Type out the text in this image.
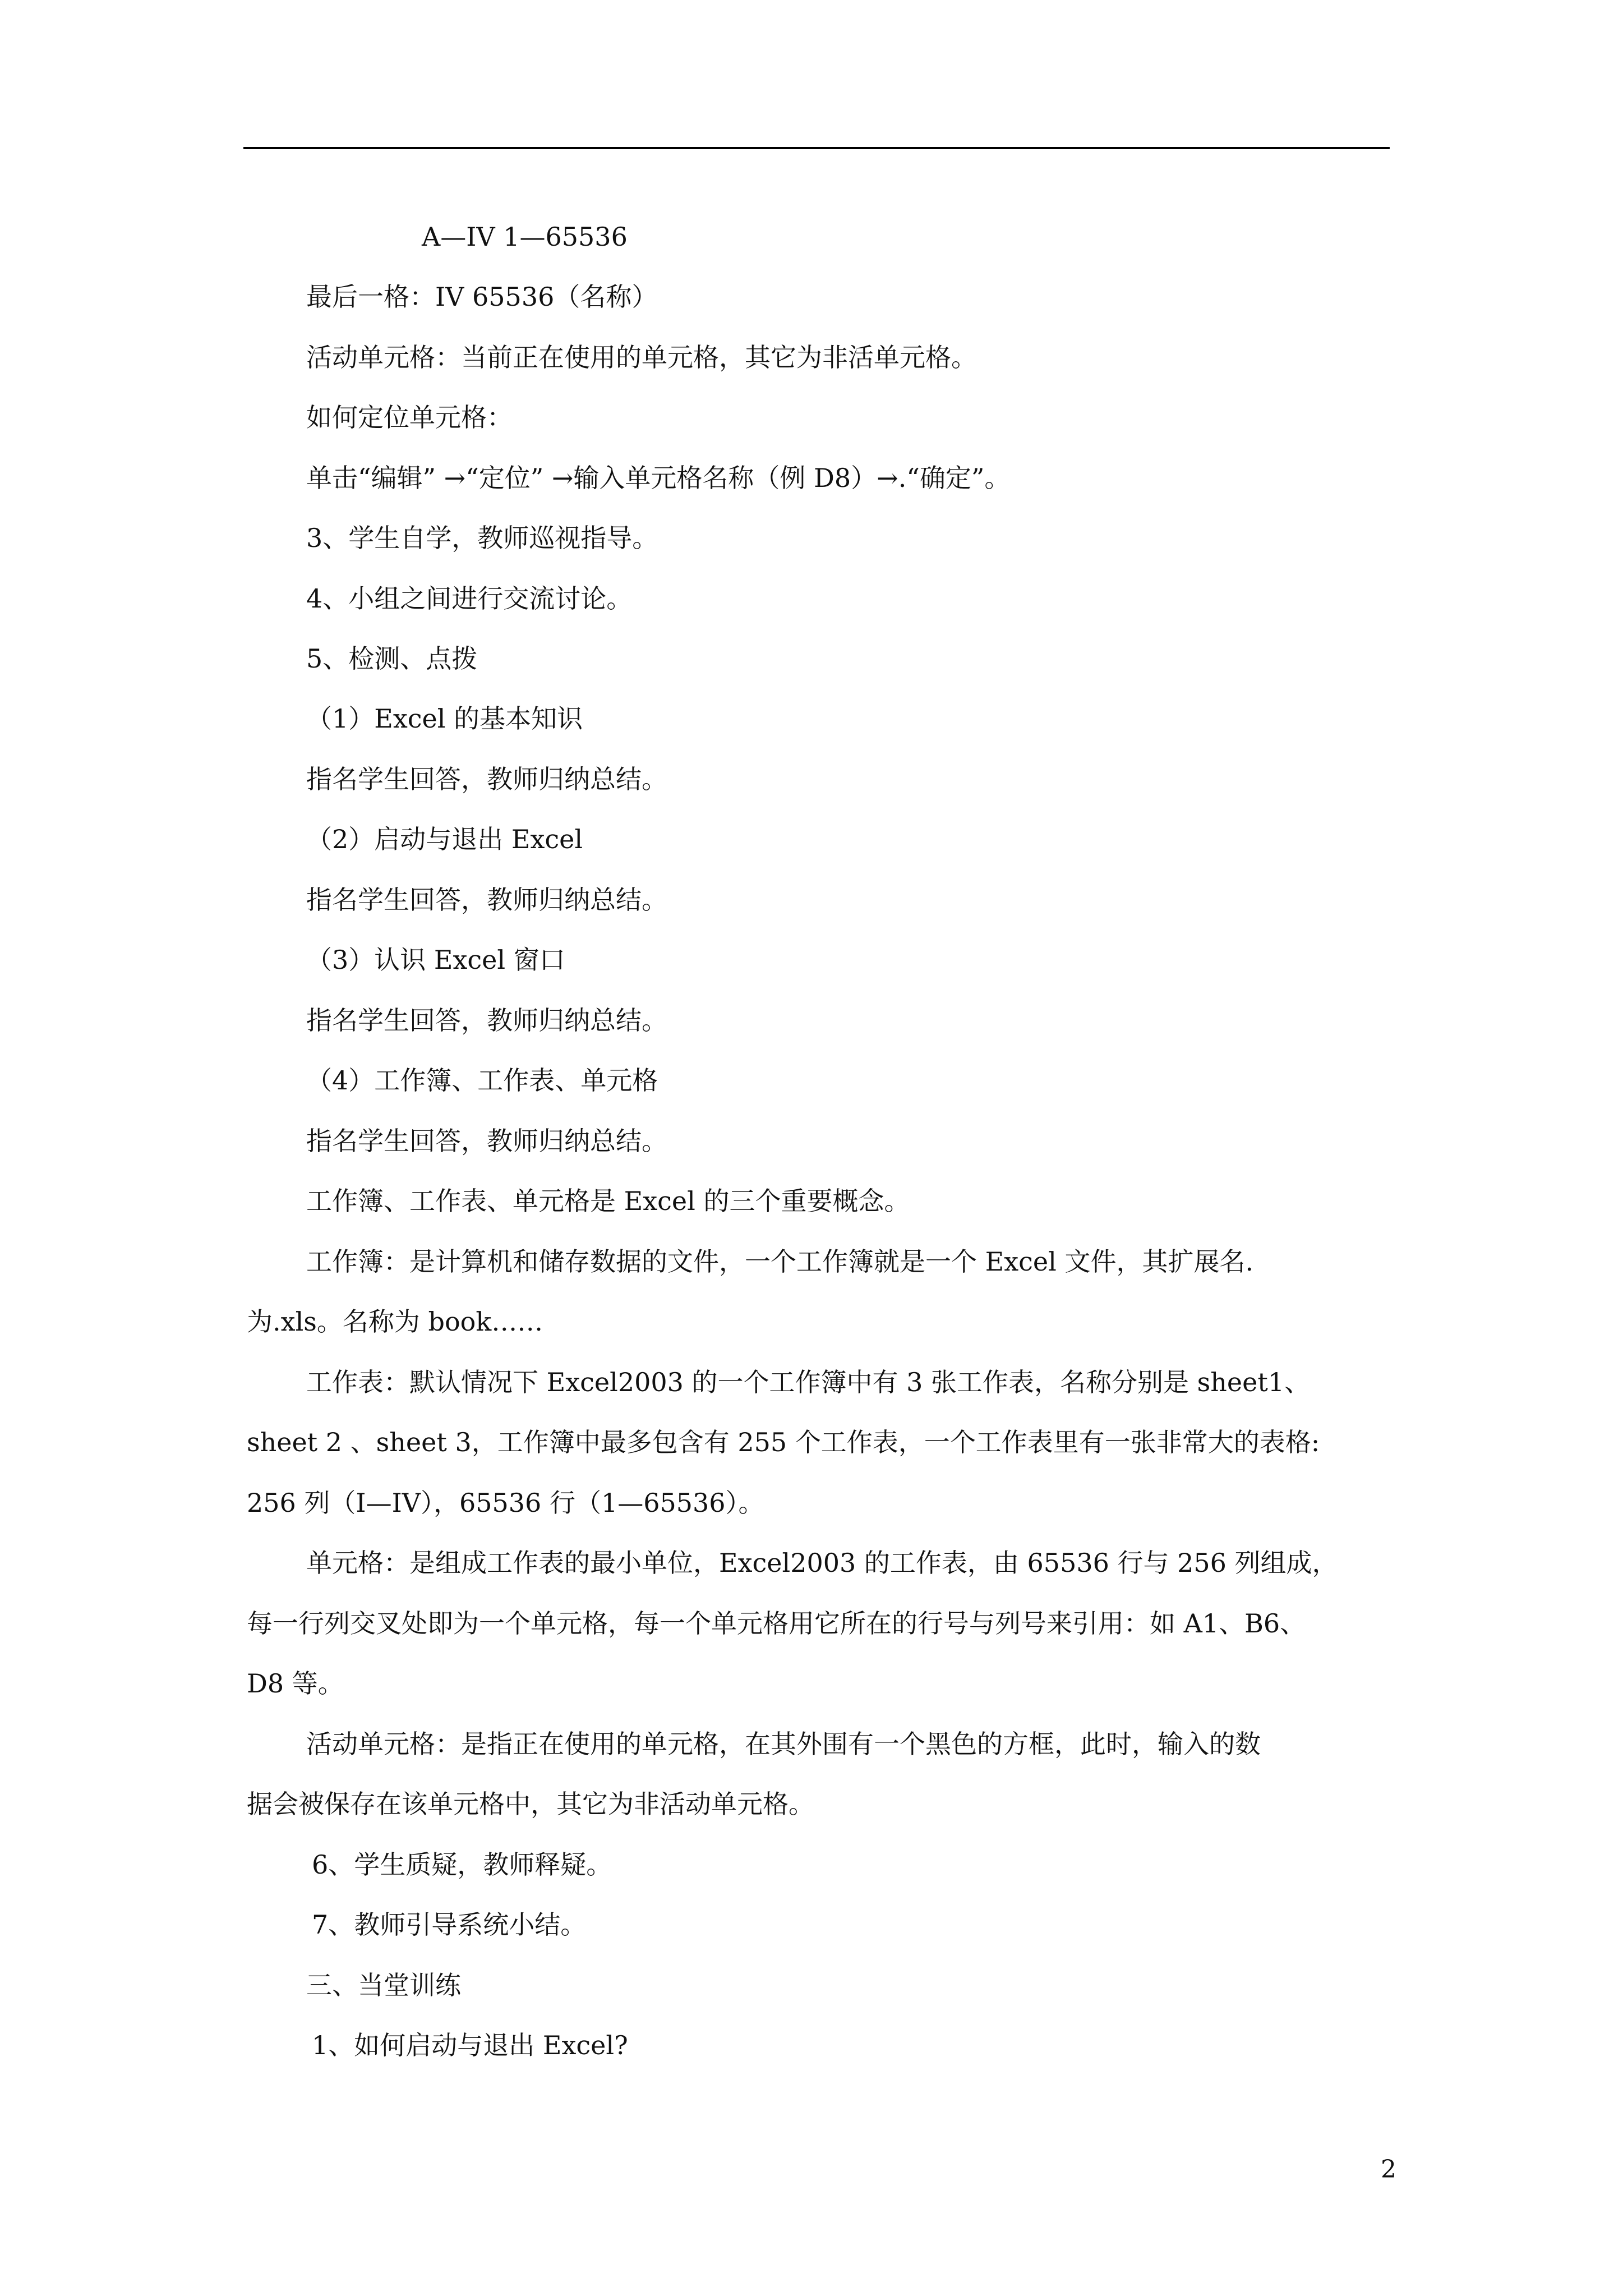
A—IV 1—65536

最后一格：IV 65536（名称）

活动单元格：当前正在使用的单元格，其它为非活单元格。

如何定位单元格：

单击“编辑” →“定位” →输入单元格名称（例 D8）→.“确定”。

3、学生自学，教师巡视指导。

4、小组之间进行交流讨论。

5、检测、点拨

（1）Excel 的基本知识

指名学生回答，教师归纳总结。

（2）启动与退出 Excel

指名学生回答，教师归纳总结。

（3）认识 Excel 窗口

指名学生回答，教师归纳总结。

（4）工作簿、工作表、单元格

指名学生回答，教师归纳总结。

工作簿、工作表、单元格是 Excel 的三个重要概念。

工作簿：是计算机和储存数据的文件，一个工作簿就是一个 Excel 文件，其扩展名.

为.xls。名称为 book……

工作表：默认情况下 Excel2003 的一个工作簿中有 3 张工作表，名称分别是 sheet1、

sheet 2 、sheet 3，工作簿中最多包含有 255 个工作表，一个工作表里有一张非常大的表格:

256 列（I—IV），65536 行（1—65536）。

单元格：是组成工作表的最小单位，Excel2003 的工作表，由 65536 行与 256 列组成，

每一行列交叉处即为一个单元格，每一个单元格用它所在的行号与列号来引用：如 A1、B6、

D8 等。

活动单元格：是指正在使用的单元格，在其外围有一个黑色的方框，此时，输入的数

据会被保存在该单元格中，其它为非活动单元格。

6、学生质疑，教师释疑。

7、教师引导系统小结。

三、当堂训练

1、如何启动与退出 Excel?

2
